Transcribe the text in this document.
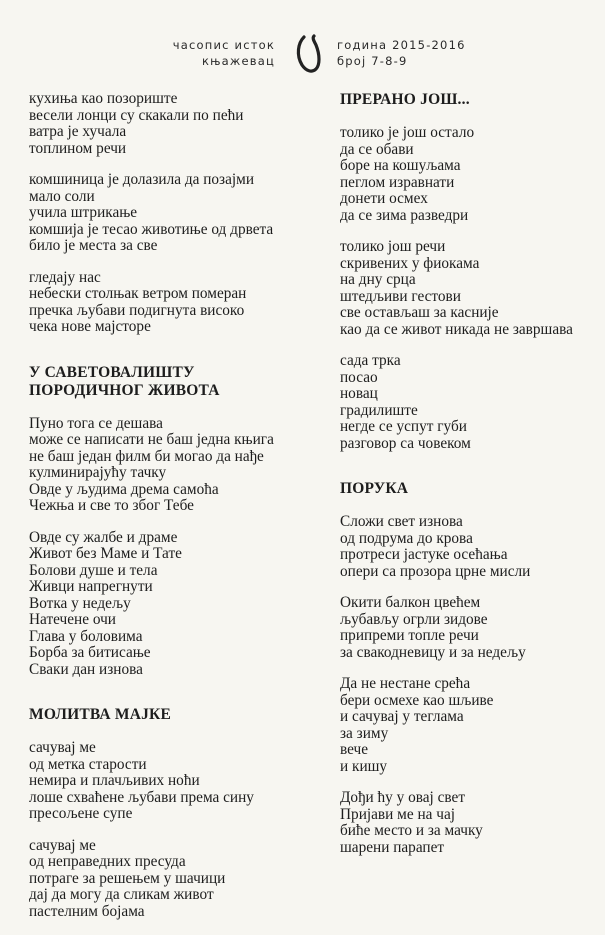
часопис исток
књажевац
година 2015-2016
број 7-8-9
кухиња као позориште
весели лонци су скакали по пећи
ватра је хучала
топлином речи
комшиница је долазила да позајми
мало соли
учила штрикање
комшија је тесао животиње од дрвета
било је места за све
гледају нас
небески столњак ветром померан
пречка љубави подигнута високо
чека нове мајсторе
У САВЕТОВАЛИШТУ
ПОРОДИЧНОГ ЖИВОТА
Пуно тога се дешава
може се написати не баш једна књига
не баш један филм би могао да нађе
кулминирајућу тачку
Овде у људима дрема самоћа
Чежња и све то због Тебе
Овде су жалбе и драме
Живот без Маме и Тате
Болови душе и тела
Живци напрегнути
Вотка у недељу
Натечене очи
Глава у боловима
Борба за битисање
Сваки дан изнова
МОЛИТВА МАЈКЕ
сачувај ме
од метка старости
немира и плачљивих ноћи
лоше схваћене љубави према сину
пресољене супе
сачувај ме
од неправедних пресуда
потраге за решењем у шачици
дај да могу да сликам живот
пастелним бојама
ПРЕРАНО ЈОШ...
толико је још остало
да се обави
боре на кошуљама
пеглом изравнати
донети осмех
да се зима разведри
толико још речи
скривених у фиокама
на дну срца
штедљиви гестови
све остављаш за касније
као да се живот никада не завршава
сада трка
посао
новац
градилиште
негде се успут губи
разговор са човеком
ПОРУКА
Сложи свет изнова
од подрума до крова
протреси јастуке осећања
опери са прозора црне мисли
Окити балкон цвећем
љубављу огрли зидове
припреми топле речи
за свакодневицу и за недељу
Да не нестане срећа
бери осмехе као шљиве
и сачувај у теглама
за зиму
вече
и кишу
Дођи ћу у овај свет
Пријави ме на чај
биће место и за мачку
шарени парапет
